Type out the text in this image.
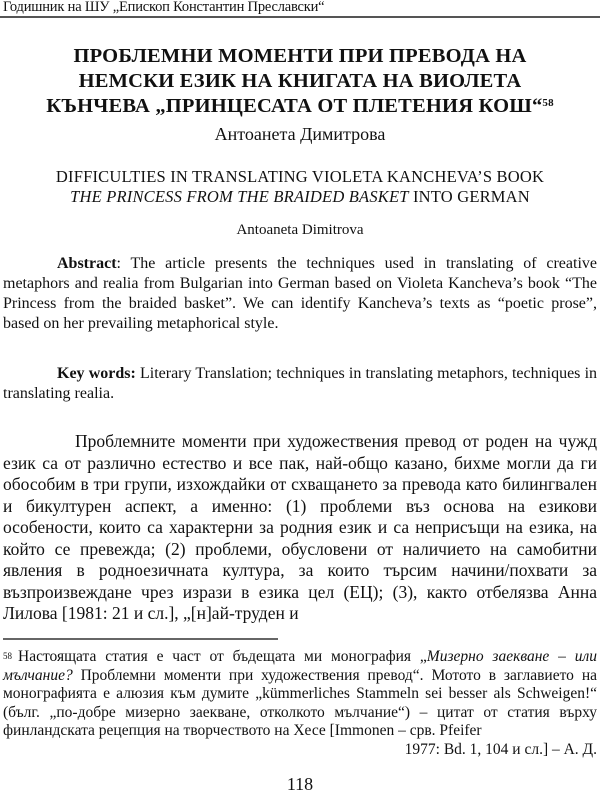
Годишник на ШУ „Епископ Константин Преславски“
ПРОБЛЕМНИ МОМЕНТИ ПРИ ПРЕВОДА НА
НЕМСКИ ЕЗИК НА КНИГАТА НА ВИОЛЕТА
КЪНЧЕВА „ПРИНЦЕСАТА ОТ ПЛЕТЕНИЯ КОШ“$^{58}$
Антоанета Димитрова
DIFFICULTIES IN TRANSLATING VIOLETA KANCHEVA’S BOOK
THE PRINCESS FROM THE BRAIDED BASKET INTO GERMAN
Antoaneta Dimitrova
Abstract: The article presents the techniques used in translating of creative metaphors and realia from Bulgarian into German based on Violeta Kancheva’s book “The Princess from the braided basket”. We can identify Kancheva’s texts as “poetic prose”, based on her prevailing metaphorical style.
Key words: Literary Translation; techniques in translating metaphors, techniques in translating realia.
Проблемните моменти при художествения превод от роден на чужд език са от различно естество и все пак, най-общо казано, бихме могли да ги обособим в три групи, изхождайки от схващането за превода като билингвален и бикултурен аспект, а именно: (1) проблеми въз основа на езикови особености, които са характерни за родния език и са неприсъщи на езика, на който се превежда; (2) проблеми, обусловени от наличието на самобитни явления в родноезичната култура, за които търсим начини/похвати за възпроизвеждане чрез изрази в езика цел (ЕЦ); (3), както отбелязва Анна Лилова [1981: 21 и сл.], „[н]ай-труден и
$^{58}$ Настоящата статия е част от бъдещата ми монография „Мизерно заекване – или мълчание? Проблемни моменти при художествения превод“. Мотото в заглавието на монографията е алюзия към думите „kümmerliches Stammeln sei besser als Schweigen!“ (бълг. „по-добре мизерно заекване, отколкото мълчание“) – цитат от статия върху финландската рецепция на творчеството на Хесе [Immonen – срв. Pfeifer
1977: Bd. 1, 104 и сл.] – А. Д.
118
